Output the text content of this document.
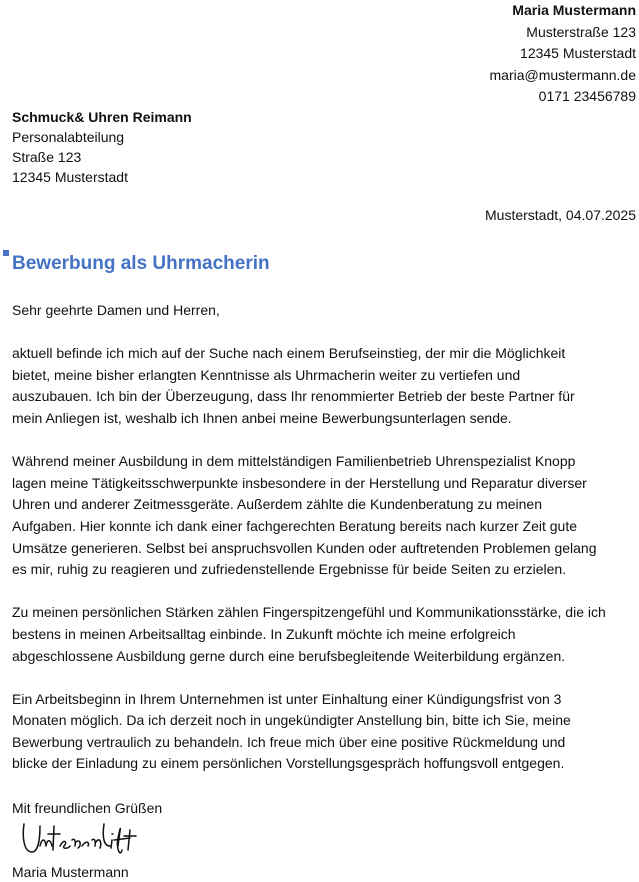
Maria Mustermann
Musterstraße 123
12345 Musterstadt
maria@mustermann.de
0171 23456789
Schmuck& Uhren Reimann
Personalabteilung
Straße 123
12345 Musterstadt
Musterstadt, 04.07.2025
Bewerbung als Uhrmacherin

Sehr geehrte Damen und Herren,

aktuell befinde ich mich auf der Suche nach einem Berufseinstieg, der mir die Möglichkeit
bietet, meine bisher erlangten Kenntnisse als Uhrmacherin weiter zu vertiefen und
auszubauen. Ich bin der Überzeugung, dass Ihr renommierter Betrieb der beste Partner für
mein Anliegen ist, weshalb ich Ihnen anbei meine Bewerbungsunterlagen sende.

Während meiner Ausbildung in dem mittelständigen Familienbetrieb Uhrenspezialist Knopp
lagen meine Tätigkeitsschwerpunkte insbesondere in der Herstellung und Reparatur diverser
Uhren und anderer Zeitmessgeräte. Außerdem zählte die Kundenberatung zu meinen
Aufgaben. Hier konnte ich dank einer fachgerechten Beratung bereits nach kurzer Zeit gute
Umsätze generieren. Selbst bei anspruchsvollen Kunden oder auftretenden Problemen gelang
es mir, ruhig zu reagieren und zufriedenstellende Ergebnisse für beide Seiten zu erzielen.

Zu meinen persönlichen Stärken zählen Fingerspitzengefühl und Kommunikationsstärke, die ich
bestens in meinen Arbeitsalltag einbinde. In Zukunft möchte ich meine erfolgreich
abgeschlossene Ausbildung gerne durch eine berufsbegleitende Weiterbildung ergänzen.

Ein Arbeitsbeginn in Ihrem Unternehmen ist unter Einhaltung einer Kündigungsfrist von 3
Monaten möglich. Da ich derzeit noch in ungekündigter Anstellung bin, bitte ich Sie, meine
Bewerbung vertraulich zu behandeln. Ich freue mich über eine positive Rückmeldung und
blicke der Einladung zu einem persönlichen Vorstellungsgespräch hoffungsvoll entgegen.

Mit freundlichen Grüßen
Maria Mustermann
